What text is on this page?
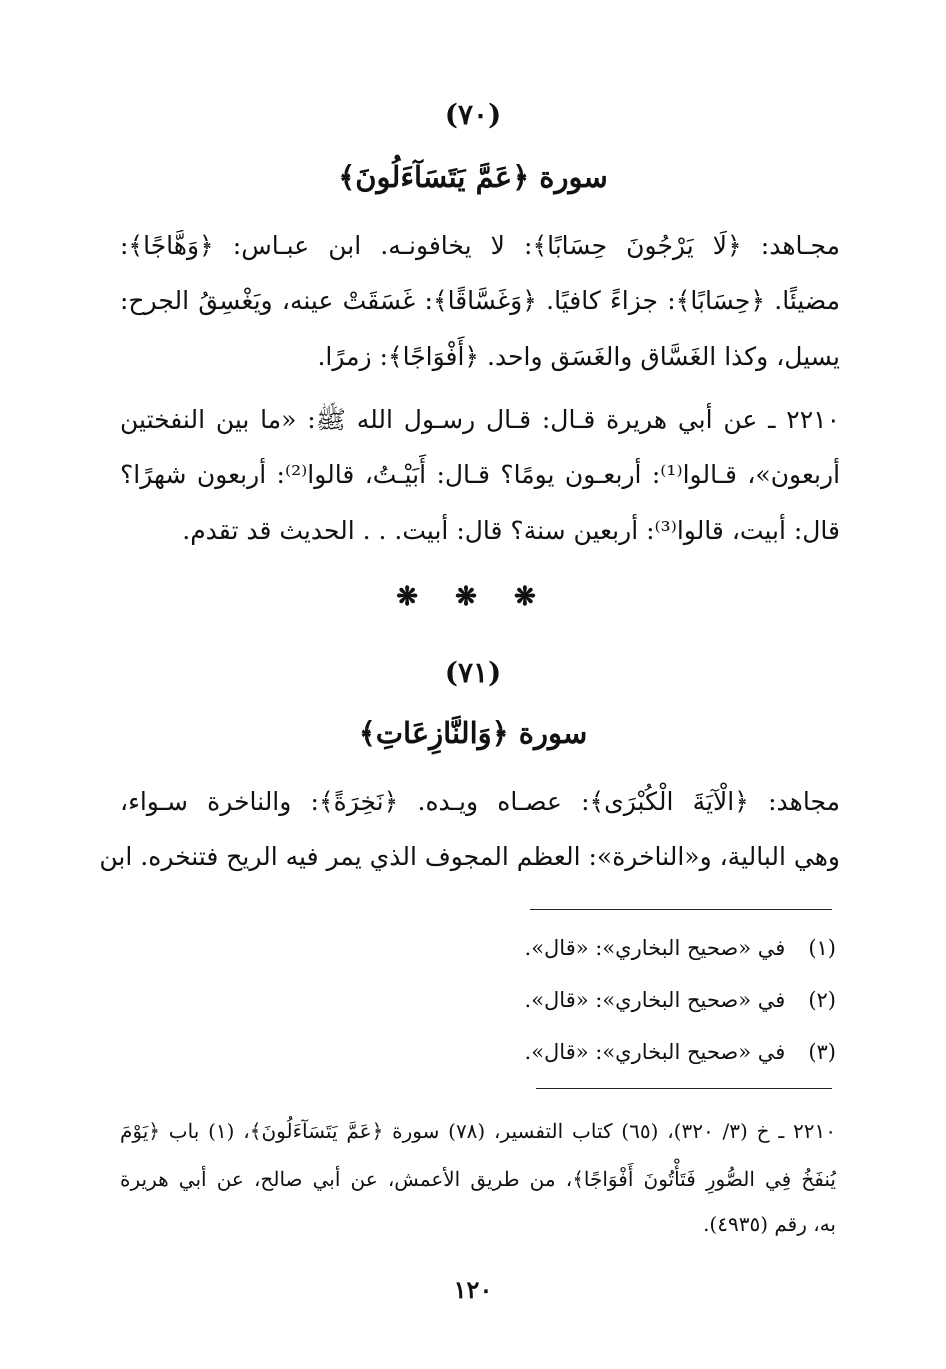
(٧٠)
سورة ﴿عَمَّ يَتَسَآءَلُونَ﴾
مجـاهد: ﴿لَا يَرْجُونَ حِسَابًا﴾: لا يخافونـه. ابن عبـاس: ﴿وَهَّاجًا﴾:
مضيئًا. ﴿حِسَابًا﴾: جزاءً كافيًا. ﴿وَغَسَّاقًا﴾: غَسَقَتْ عينه، ويَغْسِقُ الجرح:
يسيل، وكذا الغَسَّاق والغَسَق واحد. ﴿أَفْوَاجًا﴾: زمرًا.
٢٢١٠ ـ عن أبي هريرة قـال: قـال رسـول الله ﷺ: «ما بين النفختين
أربعون»، قـالوا⁽¹⁾: أربعـون يومًا؟ قـال: أَبَيْـتُ، قالوا⁽²⁾: أربعون شهرًا؟
قال: أبيت، قالوا⁽³⁾: أربعين سنة؟ قال: أبيت. . . الحديث قد تقدم.
❋ ❋ ❋
(٧١)
سورة ﴿وَالنَّازِعَاتِ﴾
مجاهد: ﴿الْآيَةَ الْكُبْرَى﴾: عصـاه ويـده. ﴿نَخِرَةً﴾: والناخرة سـواء،
وهي البالية، و«الناخرة»: العظم المجوف الذي يمر فيه الريح فتنخره. ابن
(١) في «صحيح البخاري»: «قال».
(٢) في «صحيح البخاري»: «قال».
(٣) في «صحيح البخاري»: «قال».
٢٢١٠ ـ خ (٣/ ٣٢٠)، (٦٥) كتاب التفسير، (٧٨) سورة ﴿عَمَّ يَتَسَآءَلُونَ﴾، (١) باب ﴿يَوْمَ
يُنفَخُ فِي الصُّورِ فَتَأْتُونَ أَفْوَاجًا﴾، من طريق الأعمش، عن أبي صالح، عن أبي هريرة
به، رقم (٤٩٣٥).
١٢٠
